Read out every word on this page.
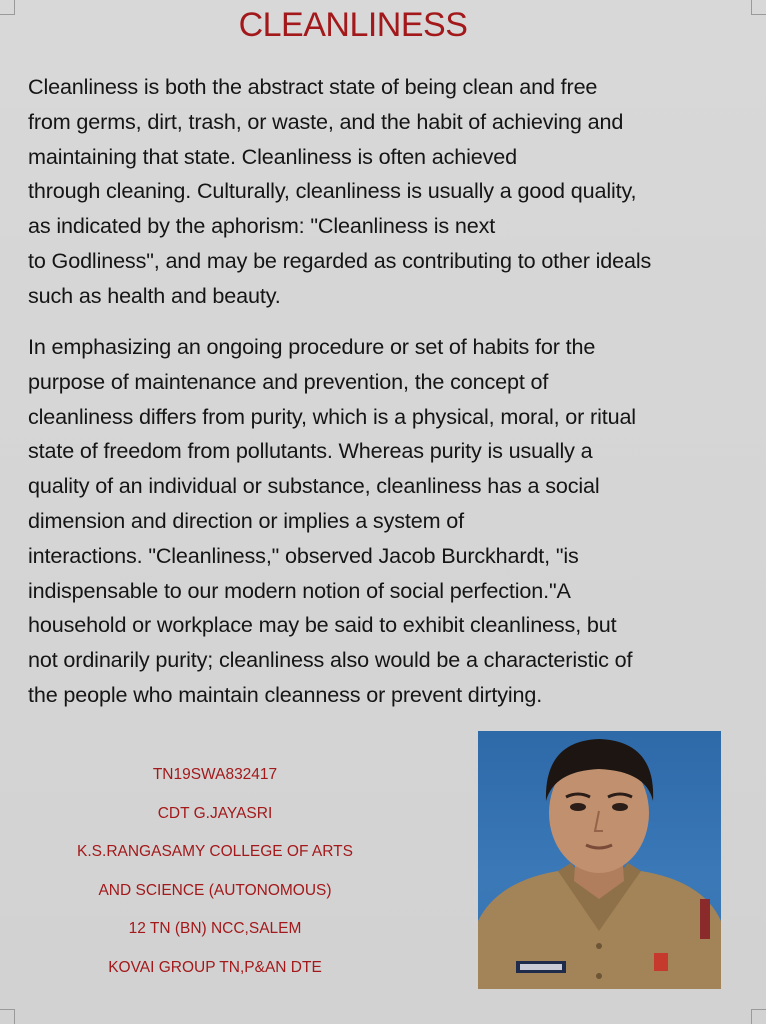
CLEANLINESS

Cleanliness is both the abstract state of being clean and free
from germs, dirt, trash, or waste, and the habit of achieving and
maintaining that state. Cleanliness is often achieved
through cleaning. Culturally, cleanliness is usually a good quality,
as indicated by the aphorism: "Cleanliness is next
to Godliness", and may be regarded as contributing to other ideals
such as health and beauty.

In emphasizing an ongoing procedure or set of habits for the
purpose of maintenance and prevention, the concept of
cleanliness differs from purity, which is a physical, moral, or ritual
state of freedom from pollutants. Whereas purity is usually a
quality of an individual or substance, cleanliness has a social
dimension and direction or implies a system of
interactions. "Cleanliness," observed Jacob Burckhardt, "is
indispensable to our modern notion of social perfection."A
household or workplace may be said to exhibit cleanliness, but
not ordinarily purity; cleanliness also would be a characteristic of
the people who maintain cleanness or prevent dirtying.

TN19SWA832417
CDT G.JAYASRI
K.S.RANGASAMY COLLEGE OF ARTS
AND SCIENCE (AUTONOMOUS)
12 TN (BN) NCC,SALEM
KOVAI GROUP TN,P&AN DTE
